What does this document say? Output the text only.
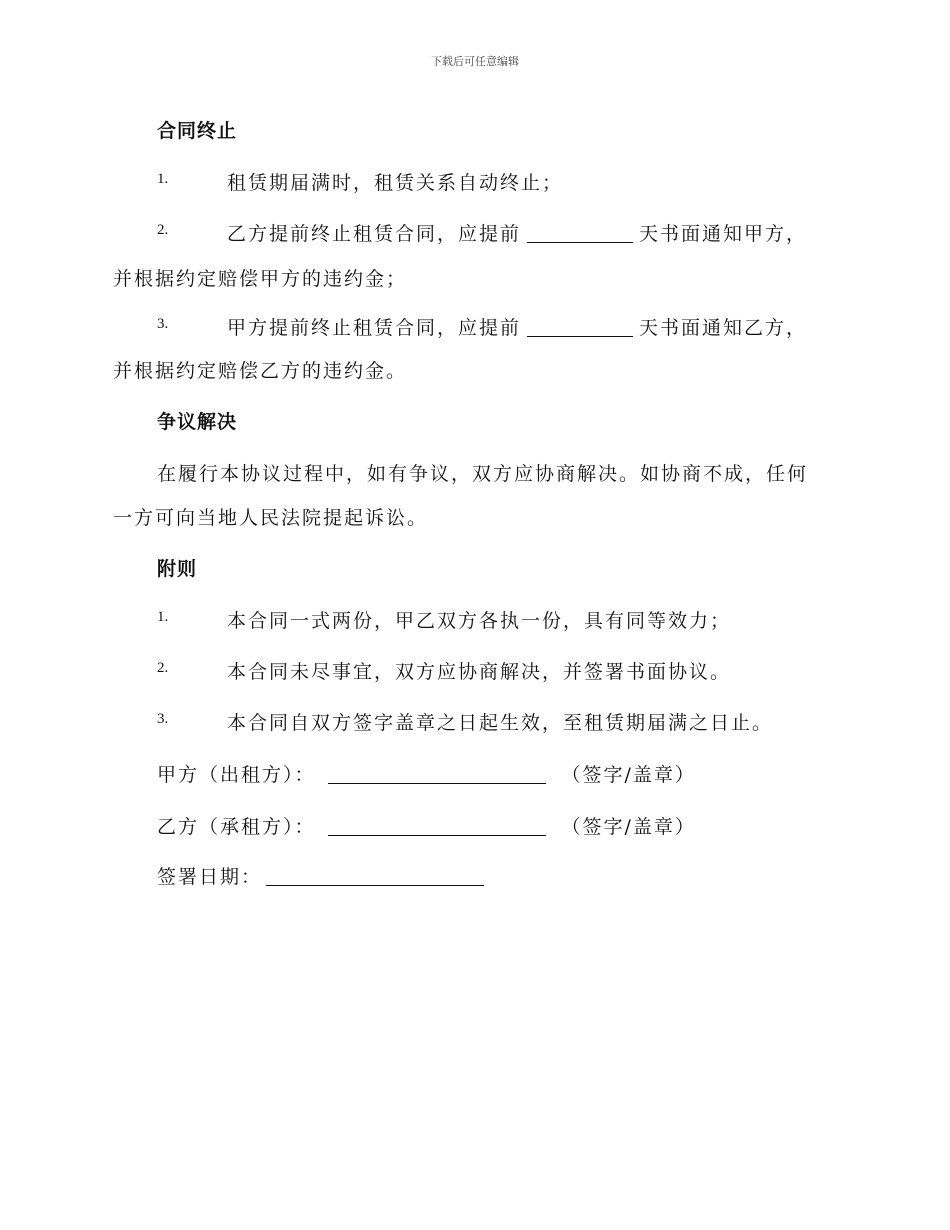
下载后可任意编辑
合同终止
1.	租赁期届满时，租赁关系自动终止；
2.	乙方提前终止租赁合同，应提前	天书面通知甲方，
并根据约定赔偿甲方的违约金；
3.	甲方提前终止租赁合同，应提前	天书面通知乙方，
并根据约定赔偿乙方的违约金。
争议解决
在履行本协议过程中，如有争议，双方应协商解决。如协商不成，任何
一方可向当地人民法院提起诉讼。
附则
1.	本合同一式两份，甲乙双方各执一份，具有同等效力；
2.	本合同未尽事宜，双方应协商解决，并签署书面协议。
3.	本合同自双方签字盖章之日起生效，至租赁期届满之日止。
甲方（出租方）：	（签字/盖章）
乙方（承租方）：	（签字/盖章）
签署日期：
